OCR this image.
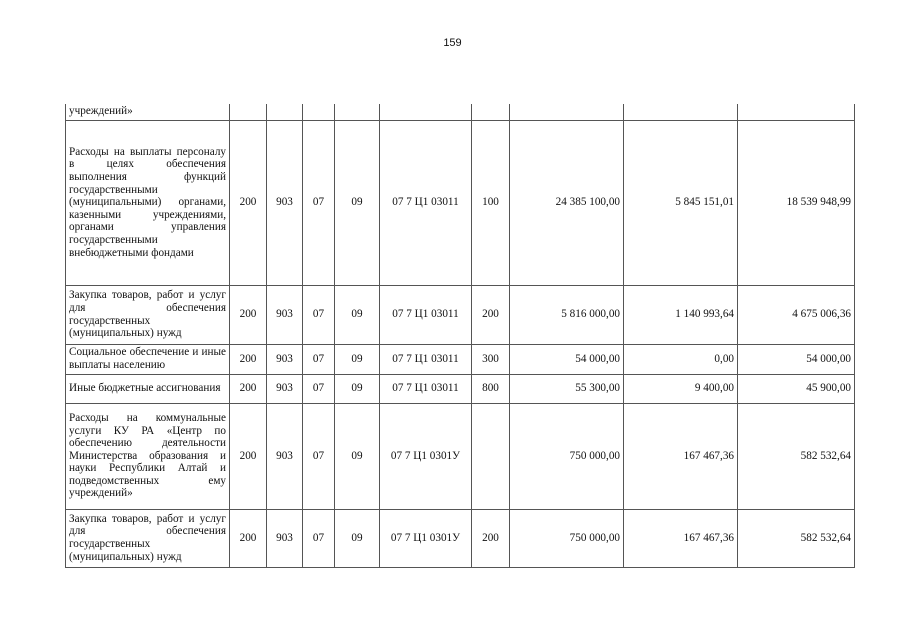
159
учреждений»									
Расходы на выплаты персоналу в целях обеспечения выполнения функций государственными (муниципальными) органами, казенными учреждениями, органами управления государственными внебюджетными фондами	200	903	07	09	07 7 Ц1 03011	100	24 385 100,00	5 845 151,01	18 539 948,99
Закупка товаров, работ и услуг для обеспечения государственных (муниципальных) нужд	200	903	07	09	07 7 Ц1 03011	200	5 816 000,00	1 140 993,64	4 675 006,36
Социальное обеспечение и иные выплаты населению	200	903	07	09	07 7 Ц1 03011	300	54 000,00	0,00	54 000,00
Иные бюджетные ассигнования	200	903	07	09	07 7 Ц1 03011	800	55 300,00	9 400,00	45 900,00
Расходы на коммунальные услуги КУ РА «Центр по обеспечению деятельности Министерства образования и науки Республики Алтай и подведомственных ему учреждений»	200	903	07	09	07 7 Ц1 0301У		750 000,00	167 467,36	582 532,64
Закупка товаров, работ и услуг для обеспечения государственных (муниципальных) нужд	200	903	07	09	07 7 Ц1 0301У	200	750 000,00	167 467,36	582 532,64
